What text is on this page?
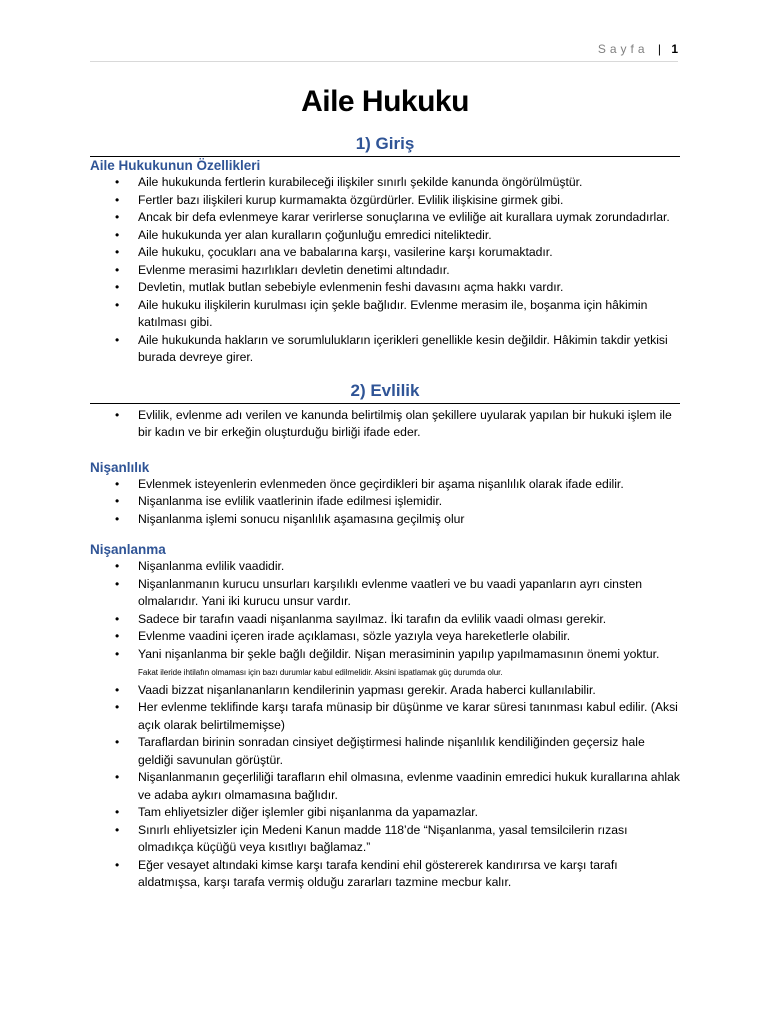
Sayfa | 1
Aile Hukuku
1) Giriş
Aile Hukukunun Özellikleri
• Aile hukukunda fertlerin kurabileceği ilişkiler sınırlı şekilde kanunda öngörülmüştür.
• Fertler bazı ilişkileri kurup kurmamakta özgürdürler. Evlilik ilişkisine girmek gibi.
• Ancak bir defa evlenmeye karar verirlerse sonuçlarına ve evliliğe ait kurallara uymak zorundadırlar.
• Aile hukukunda yer alan kuralların çoğunluğu emredici niteliktedir.
• Aile hukuku, çocukları ana ve babalarına karşı, vasilerine karşı korumaktadır.
• Evlenme merasimi hazırlıkları devletin denetimi altındadır.
• Devletin, mutlak butlan sebebiyle evlenmenin feshi davasını açma hakkı vardır.
• Aile hukuku ilişkilerin kurulması için şekle bağlıdır. Evlenme merasim ile, boşanma için hâkimin katılması gibi.
• Aile hukukunda hakların ve sorumlulukların içerikleri genellikle kesin değildir. Hâkimin takdir yetkisi burada devreye girer.
2) Evlilik
• Evlilik, evlenme adı verilen ve kanunda belirtilmiş olan şekillere uyularak yapılan bir hukuki işlem ile bir kadın ve bir erkeğin oluşturduğu birliği ifade eder.
Nişanlılık
• Evlenmek isteyenlerin evlenmeden önce geçirdikleri bir aşama nişanlılık olarak ifade edilir.
• Nişanlanma ise evlilik vaatlerinin ifade edilmesi işlemidir.
• Nişanlanma işlemi sonucu nişanlılık aşamasına geçilmiş olur
Nişanlanma
• Nişanlanma evlilik vaadidir.
• Nişanlanmanın kurucu unsurları karşılıklı evlenme vaatleri ve bu vaadi yapanların ayrı cinsten olmalarıdır. Yani iki kurucu unsur vardır.
• Sadece bir tarafın vaadi nişanlanma sayılmaz. İki tarafın da evlilik vaadi olması gerekir.
• Evlenme vaadini içeren irade açıklaması, sözle yazıyla veya hareketlerle olabilir.
• Yani nişanlanma bir şekle bağlı değildir. Nişan merasiminin yapılıp yapılmamasının önemi yoktur. Fakat ileride ihtilafın olmaması için bazı durumlar kabul edilmelidir. Aksini ispatlamak güç durumda olur.
• Vaadi bizzat nişanlananların kendilerinin yapması gerekir. Arada haberci kullanılabilir.
• Her evlenme teklifinde karşı tarafa münasip bir düşünme ve karar süresi tanınması kabul edilir. (Aksi açık olarak belirtilmemişse)
• Taraflardan birinin sonradan cinsiyet değiştirmesi halinde nişanlılık kendiliğinden geçersiz hale geldiği savunulan görüştür.
• Nişanlanmanın geçerliliği tarafların ehil olmasına, evlenme vaadinin emredici hukuk kurallarına ahlak ve adaba aykırı olmamasına bağlıdır.
• Tam ehliyetsizler diğer işlemler gibi nişanlanma da yapamazlar.
• Sınırlı ehliyetsizler için Medeni Kanun madde 118’de “Nişanlanma, yasal temsilcilerin rızası olmadıkça küçüğü veya kısıtlıyı bağlamaz.”
• Eğer vesayet altındaki kimse karşı tarafa kendini ehil göstererek kandırırsa ve karşı tarafı aldatmışsa, karşı tarafa vermiş olduğu zararları tazmine mecbur kalır.
